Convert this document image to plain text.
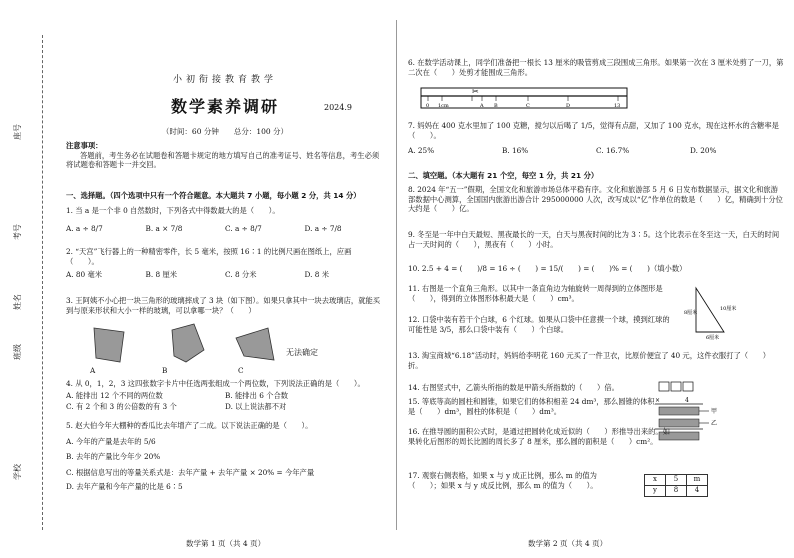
座号
考号
姓名
班级
学校
小初衔接教育教学
数学素养调研	2024.9
（时间：60 分钟　　总分：100 分）
注意事项：
答题前，考生务必在试题卷和答题卡规定的地方填写自己的准考证号、姓名等信息，考生必须将试题卷和答题卡一并交回。
一、选择题。（四个选项中只有一个符合题意。本大题共 7 小题，每小题 2 分，共 14 分）
1. 当 a 是一个非 0 自然数时，下列各式中得数最大的是（　　）。
A. a ÷ 8/7	B. a × 7/8	C. a ÷ 8/7	D. a ÷ 7/8
2. “天宫”飞行器上的一种精密零件，长 5 毫米，按照 16∶1 的比例尺画在图纸上，应画（　　）。
A. 80 毫米	B. 8 厘米	C. 8 分米	D. 8 米
3. 王阿姨不小心把一块三角形的玻璃摔成了 3 块（如下图）。如果只拿其中一块去玻璃店，就能买到与原来形状和大小一样的玻璃，可以拿哪一块？（　　）
A	B	C
无法确定
4. 从 0，1，2，3 这四张数字卡片中任选两张组成一个两位数，下列说法正确的是（　　）。
A. 能排出 12 个不同的两位数	B. 能排出 6 个合数
C. 有 2 个和 3 的公倍数的有 3 个	D. 以上说法都不对
5. 赵大伯今年大棚种的香瓜比去年增产了二成。以下说法正确的是（　　）。
A. 今年的产量是去年的 5/6
B. 去年的产量比今年少 20%
C. 根据信息写出的等量关系式是：去年产量 + 去年产量 × 20% = 今年产量
D. 去年产量和今年产量的比是 6∶5
数学第 1 页（共 4 页）
6. 在数学活动课上，同学们准备把一根长 13 厘米的吸管剪成三段围成三角形。如果第一次在 3 厘米处剪了一刀，第二次在（　　）处剪才能围成三角形。
✂
0 1cm	A B	C	D	13
7. 妈妈在 400 克水里加了 100 克糖，搅匀以后喝了 1/5，觉得有点甜，又加了 100 克水，现在这杯水的含糖率是（　　）。
A. 25%	B. 16%	C. 16.7%	D. 20%
二、填空题。（本大题有 21 个空，每空 1 分，共 21 分）
8. 2024 年“五一”假期，全国文化和旅游市场总体平稳有序。文化和旅游部 5 月 6 日发布数据显示，据文化和旅游部数据中心测算，全国国内旅游出游合计 295000000 人次，改写成以“亿”作单位的数是（　　）亿，精确到十分位大约是（　　）亿。
9. 冬至是一年中白天最短、黑夜最长的一天，白天与黑夜时间的比为 3∶5。这个比表示在冬至这一天，白天的时间占一天时间的（　　），黑夜有（　　）小时。
10. 2.5 + 4 = (　　)/8 = 16 ÷ (　　) = 15/(　　) = (　　)% = (　　)（填小数）
11. 右图是一个直角三角形。以其中一条直角边为轴旋转一周得到的立体图形是（　　），得到的立体图形体积最大是（　　）cm³。
8厘米
10厘米
6厘米
12. 口袋中装有若干个白球，6 个红球。如果从口袋中任意摸一个球，摸到红球的可能性是 3/5，那么口袋中装有（　　）个白球。
13. 淘宝商城“6.18”活动时，妈妈给李明花 160 元买了一件卫衣，比原价便宜了 40 元，这件衣服打了（　　）折。
14. 右图竖式中，乙箭头所指的数是甲箭头所指数的（　　）倍。
×	4
甲
乙
15. 等底等高的圆柱和圆锥，如果它们的体积相差 24 dm³，那么圆锥的体积是（　　）dm³，圆柱的体积是（　　）dm³。
16. 在推导圆的面积公式时，是通过把圆转化成近似的（　　）形推导出来的。如果转化后图形的周长比圆的周长多了 8 厘米，那么圆的面积是（　　）cm²。
17. 观察右侧表格，如果 x 与 y 成正比例，那么 m 的值为（　　）；如果 x 与 y 成反比例，那么 m 的值为（　　）。
x	5	m
y	8	4
数学第 2 页（共 4 页）
